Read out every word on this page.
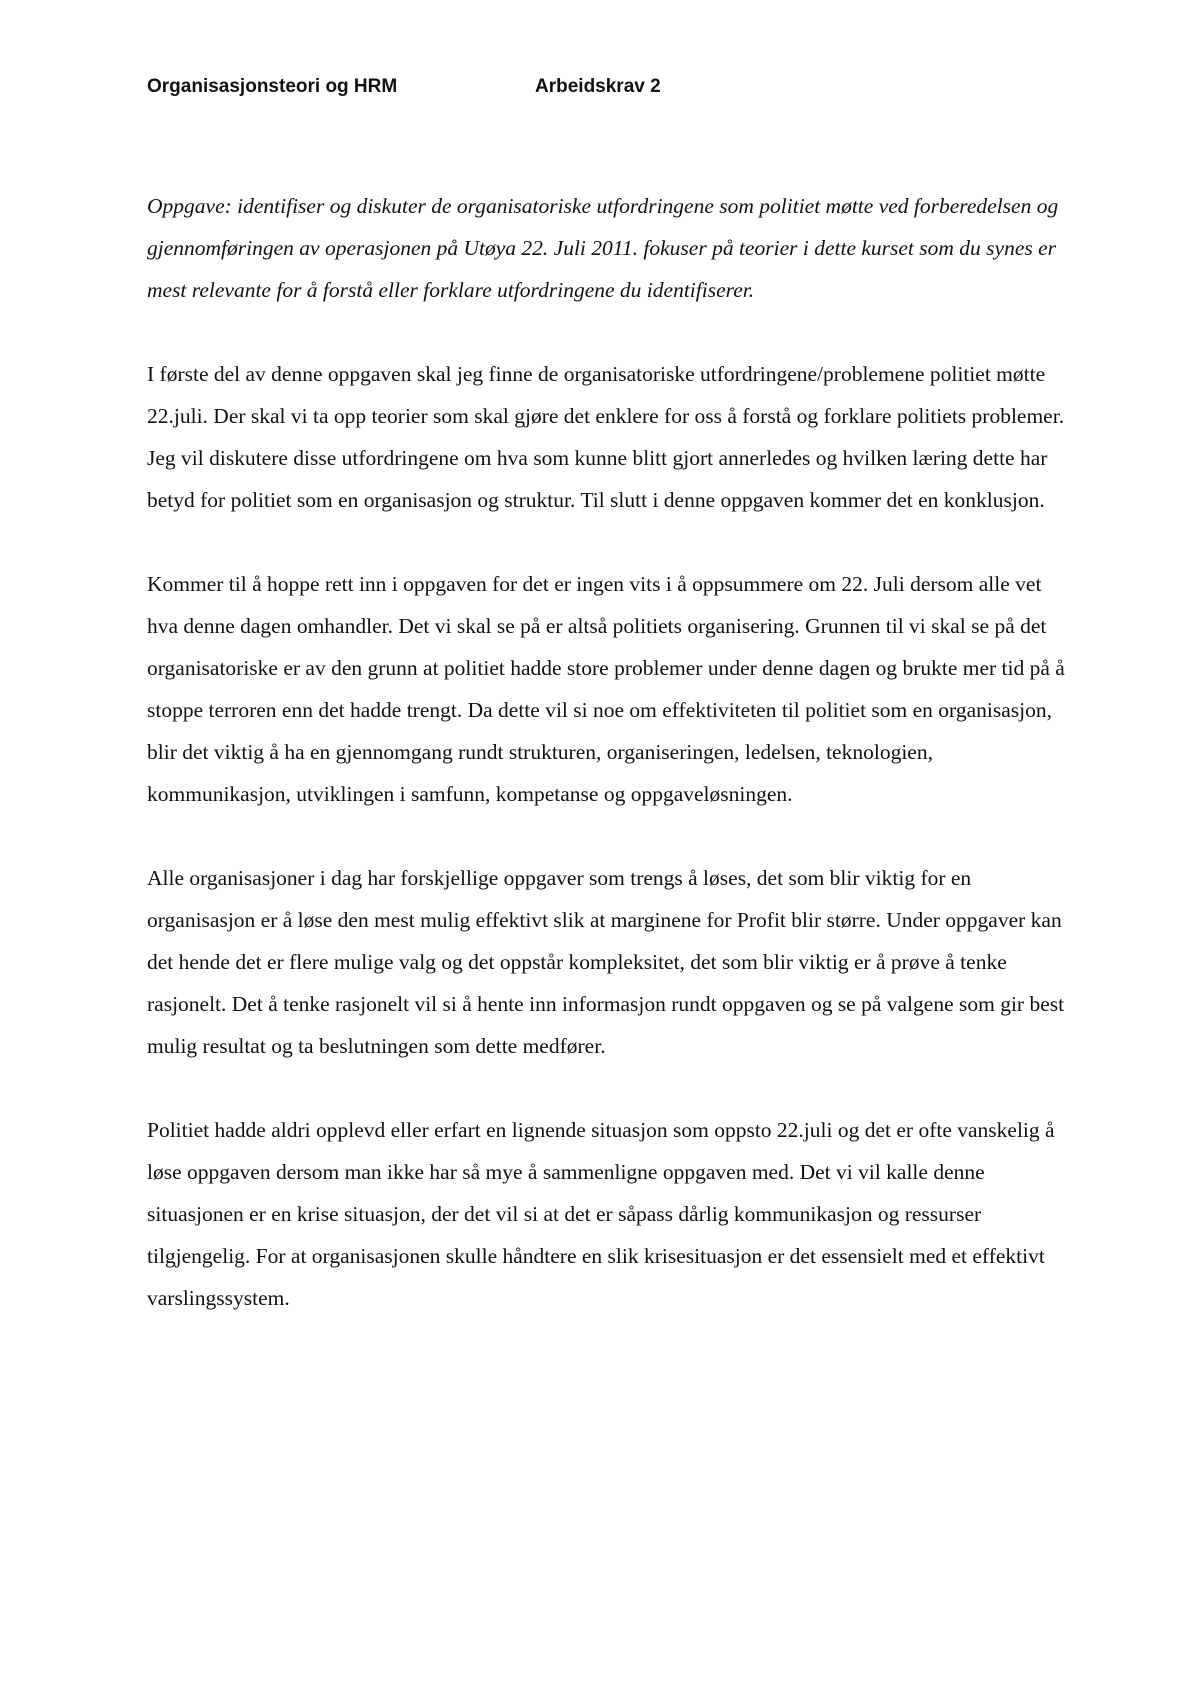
Organisasjonsteori og HRM	Arbeidskrav 2

Oppgave: identifiser og diskuter de organisatoriske utfordringene som politiet møtte ved forberedelsen og gjennomføringen av operasjonen på Utøya 22. Juli 2011. fokuser på teorier i dette kurset som du synes er mest relevante for å forstå eller forklare utfordringene du identifiserer.

I første del av denne oppgaven skal jeg finne de organisatoriske utfordringene/problemene politiet møtte 22.juli. Der skal vi ta opp teorier som skal gjøre det enklere for oss å forstå og forklare politiets problemer. Jeg vil diskutere disse utfordringene om hva som kunne blitt gjort annerledes og hvilken læring dette har betyd for politiet som en organisasjon og struktur. Til slutt i denne oppgaven kommer det en konklusjon.

Kommer til å hoppe rett inn i oppgaven for det er ingen vits i å oppsummere om 22. Juli dersom alle vet hva denne dagen omhandler. Det vi skal se på er altså politiets organisering. Grunnen til vi skal se på det organisatoriske er av den grunn at politiet hadde store problemer under denne dagen og brukte mer tid på å stoppe terroren enn det hadde trengt. Da dette vil si noe om effektiviteten til politiet som en organisasjon, blir det viktig å ha en gjennomgang rundt strukturen, organiseringen, ledelsen, teknologien, kommunikasjon, utviklingen i samfunn, kompetanse og oppgaveløsningen.

Alle organisasjoner i dag har forskjellige oppgaver som trengs å løses, det som blir viktig for en organisasjon er å løse den mest mulig effektivt slik at marginene for Profit blir større. Under oppgaver kan det hende det er flere mulige valg og det oppstår kompleksitet, det som blir viktig er å prøve å tenke rasjonelt. Det å tenke rasjonelt vil si å hente inn informasjon rundt oppgaven og se på valgene som gir best mulig resultat og ta beslutningen som dette medfører.

Politiet hadde aldri opplevd eller erfart en lignende situasjon som oppsto 22.juli og det er ofte vanskelig å løse oppgaven dersom man ikke har så mye å sammenligne oppgaven med. Det vi vil kalle denne situasjonen er en krise situasjon, der det vil si at det er såpass dårlig kommunikasjon og ressurser tilgjengelig. For at organisasjonen skulle håndtere en slik krisesituasjon er det essensielt med et effektivt varslingssystem.
